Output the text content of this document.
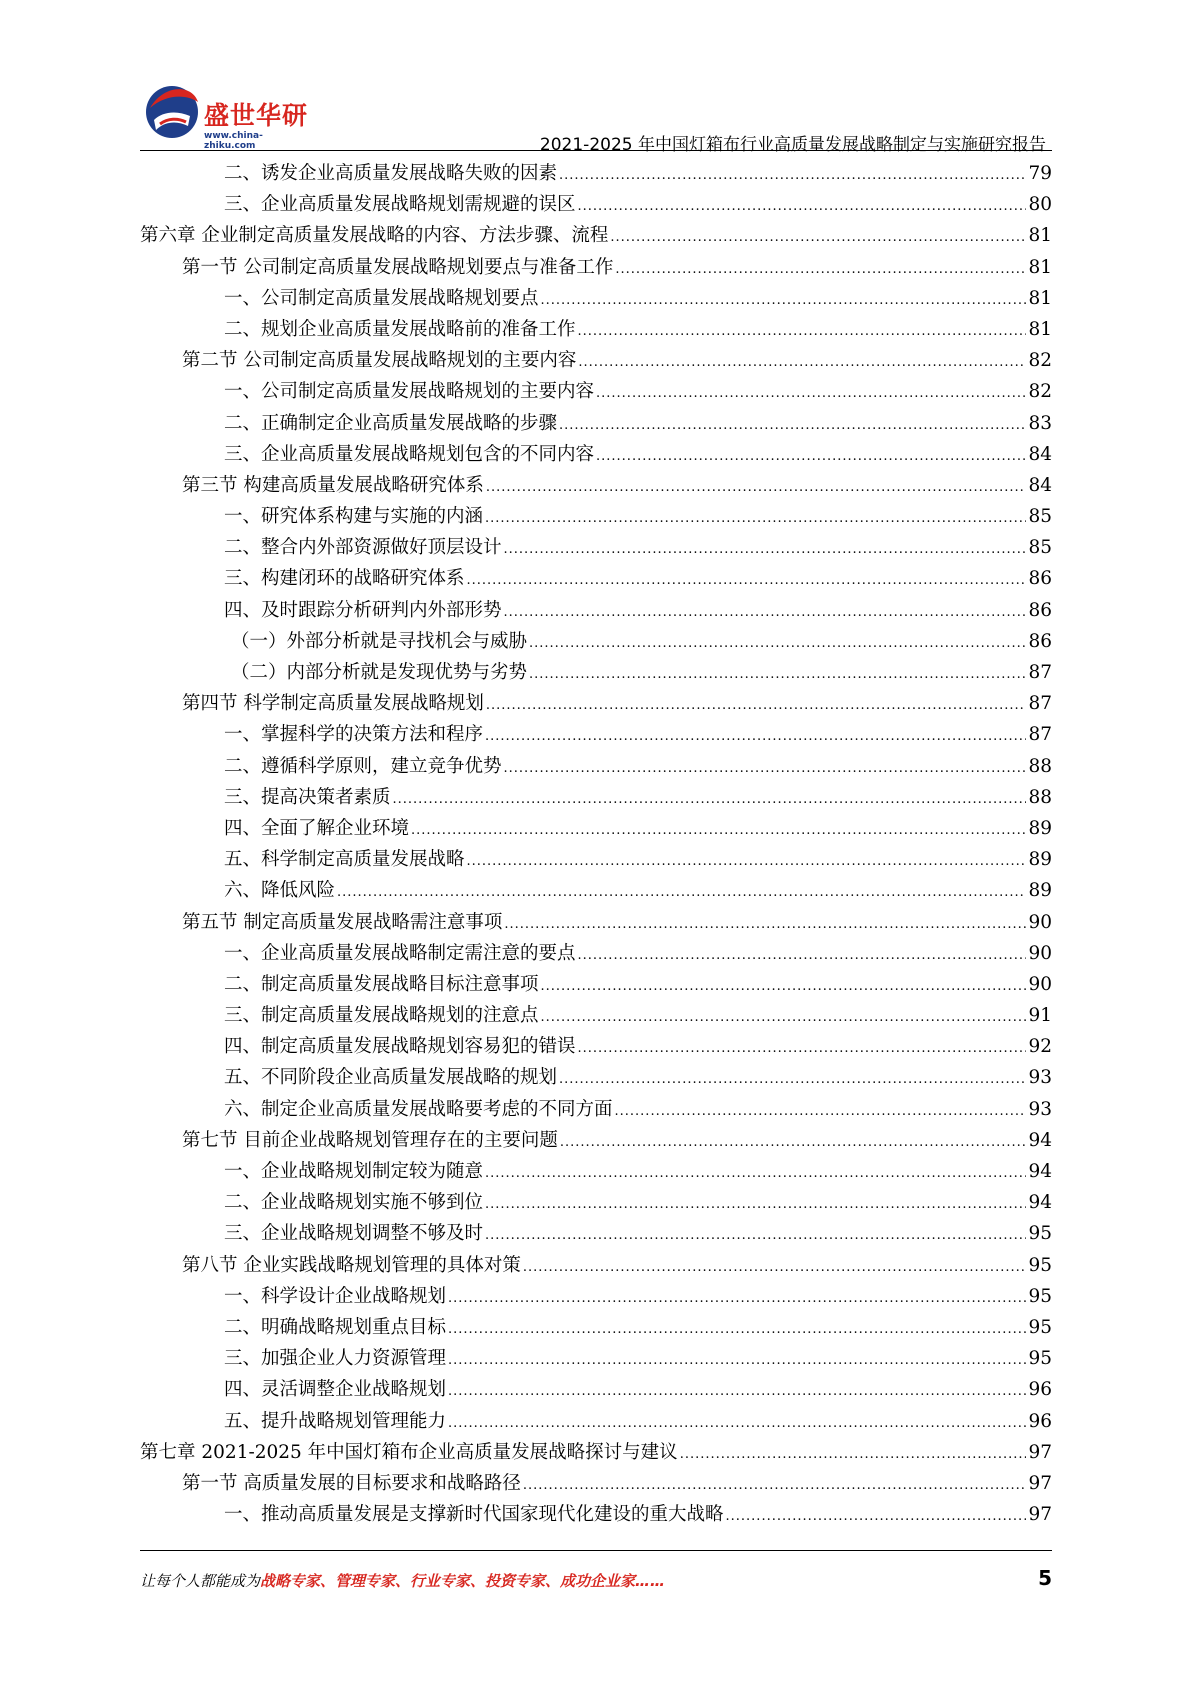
盛世华研
www.china-zhiku.com	2021-2025 年中国灯箱布行业高质量发展战略制定与实施研究报告
二、诱发企业高质量发展战略失败的因素 .....	79
三、企业高质量发展战略规划需规避的误区 .....	80
第六章 企业制定高质量发展战略的内容、方法步骤、流程 .....	81
第一节 公司制定高质量发展战略规划要点与准备工作 .....	81
一、公司制定高质量发展战略规划要点 .....	81
二、规划企业高质量发展战略前的准备工作 .....	81
第二节 公司制定高质量发展战略规划的主要内容 .....	82
一、公司制定高质量发展战略规划的主要内容 .....	82
二、正确制定企业高质量发展战略的步骤 .....	83
三、企业高质量发展战略规划包含的不同内容 .....	84
第三节 构建高质量发展战略研究体系 .....	84
一、研究体系构建与实施的内涵 .....	85
二、整合内外部资源做好顶层设计 .....	85
三、构建闭环的战略研究体系 .....	86
四、及时跟踪分析研判内外部形势 .....	86
（一）外部分析就是寻找机会与威胁 .....	86
（二）内部分析就是发现优势与劣势 .....	87
第四节 科学制定高质量发展战略规划 .....	87
一、掌握科学的决策方法和程序 .....	87
二、遵循科学原则，建立竞争优势 .....	88
三、提高决策者素质 .....	88
四、全面了解企业环境 .....	89
五、科学制定高质量发展战略 .....	89
六、降低风险 .....	89
第五节 制定高质量发展战略需注意事项 .....	90
一、企业高质量发展战略制定需注意的要点 .....	90
二、制定高质量发展战略目标注意事项 .....	90
三、制定高质量发展战略规划的注意点 .....	91
四、制定高质量发展战略规划容易犯的错误 .....	92
五、不同阶段企业高质量发展战略的规划 .....	93
六、制定企业高质量发展战略要考虑的不同方面 .....	93
第七节 目前企业战略规划管理存在的主要问题 .....	94
一、企业战略规划制定较为随意 .....	94
二、企业战略规划实施不够到位 .....	94
三、企业战略规划调整不够及时 .....	95
第八节 企业实践战略规划管理的具体对策 .....	95
一、科学设计企业战略规划 .....	95
二、明确战略规划重点目标 .....	95
三、加强企业人力资源管理 .....	95
四、灵活调整企业战略规划 .....	96
五、提升战略规划管理能力 .....	96
第七章 2021-2025 年中国灯箱布企业高质量发展战略探讨与建议 .....	97
第一节 高质量发展的目标要求和战略路径 .....	97
一、推动高质量发展是支撑新时代国家现代化建设的重大战略 .....	97
让每个人都能成为战略专家、管理专家、行业专家、投资专家、成功企业家……	5
